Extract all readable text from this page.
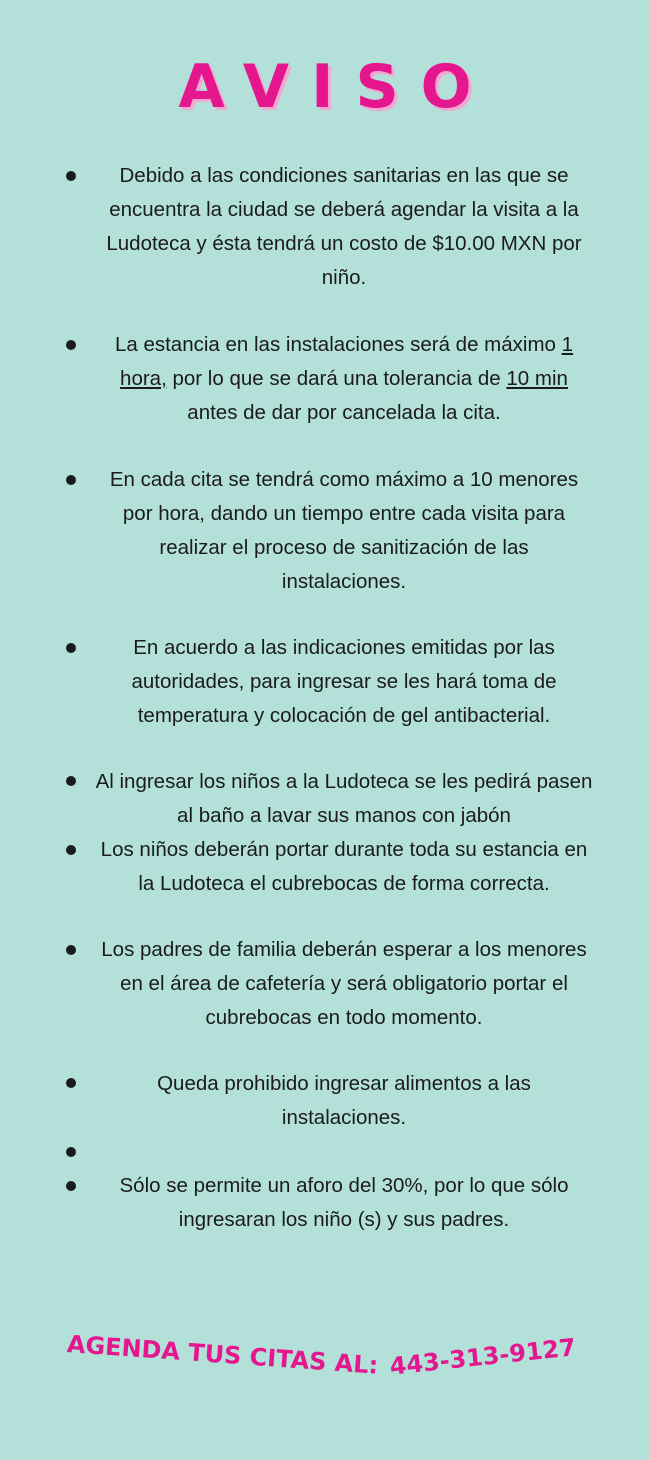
AVISO
Debido a las condiciones sanitarias en las que se
encuentra la ciudad se deberá agendar la visita a la
Ludoteca y ésta tendrá un costo de $10.00 MXN por
niño.
La estancia en las instalaciones será de máximo 1
hora, por lo que se dará una tolerancia de 10 min
antes de dar por cancelada la cita.
En cada cita se tendrá como máximo a 10 menores
por hora, dando un tiempo entre cada visita para
realizar el proceso de sanitización de las
instalaciones.
En acuerdo a las indicaciones emitidas por las
autoridades, para ingresar se les hará toma de
temperatura y colocación de gel antibacterial.
Al ingresar los niños a la Ludoteca se les pedirá pasen
al baño a lavar sus manos con jabón
Los niños deberán portar durante toda su estancia en
la Ludoteca el cubrebocas de forma correcta.
Los padres de familia deberán esperar a los menores
en el área de cafetería y será obligatorio portar el
cubrebocas en todo momento.
Queda prohibido ingresar alimentos a las
instalaciones.
Sólo se permite un aforo del 30%, por lo que sólo
ingresaran los niño (s) y sus padres.
AGENDA TUS CITAS AL: 443-313-9127
